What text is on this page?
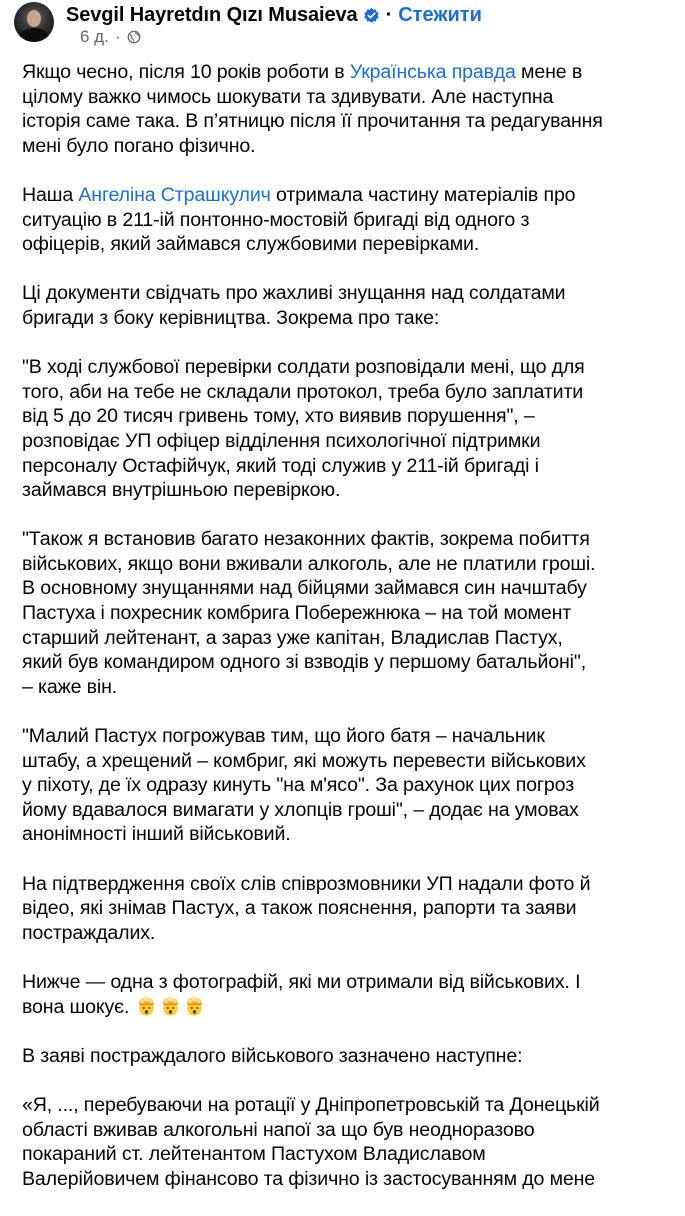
Sevgil Hayretdın Qızı Musaieva · Стежити
6 д. ·

Якщо чесно, після 10 років роботи в Українська правда мене в
цілому важко чимось шокувати та здивувати. Але наступна
історія саме така. В п’ятницю після її прочитання та редагування
мені було погано фізично.

Наша Ангеліна Страшкулич отримала частину матеріалів про
ситуацію в 211-ій понтонно-мостовій бригаді від одного з
офіцерів, який займався службовими перевірками.

Ці документи свідчать про жахливі знущання над солдатами
бригади з боку керівництва. Зокрема про таке:

"В ході службової перевірки солдати розповідали мені, що для
того, аби на тебе не складали протокол, треба було заплатити
від 5 до 20 тисяч гривень тому, хто виявив порушення", –
розповідає УП офіцер відділення психологічної підтримки
персоналу Остафійчук, який тоді служив у 211-ій бригаді і
займався внутрішньою перевіркою.

"Також я встановив багато незаконних фактів, зокрема побиття
військових, якщо вони вживали алкоголь, але не платили гроші.
В основному знущаннями над бійцями займався син начштабу
Пастуха і похресник комбрига Побережнюка – на той момент
старший лейтенант, а зараз уже капітан, Владислав Пастух,
який був командиром одного зі взводів у першому батальйоні",
– каже він.

"Малий Пастух погрожував тим, що його батя – начальник
штабу, а хрещений – комбриг, які можуть перевести військових
у піхоту, де їх одразу кинуть "на м'ясо". За рахунок цих погроз
йому вдавалося вимагати у хлопців гроші", – додає на умовах
анонімності інший військовий.

На підтвердження своїх слів співрозмовники УП надали фото й
відео, які знімав Пастух, а також пояснення, рапорти та заяви
постраждалих.

Нижче — одна з фотографій, які ми отримали від військових. І
вона шокує.

В заяві постраждалого військового зазначено наступне:

«Я, ..., перебуваючи на ротації у Дніпропетровській та Донецькій
області вживав алкогольні напої за що був неодноразово
покараний ст. лейтенантом Пастухом Владиславом
Валерійовичем фінансово та фізично із застосуванням до мене
